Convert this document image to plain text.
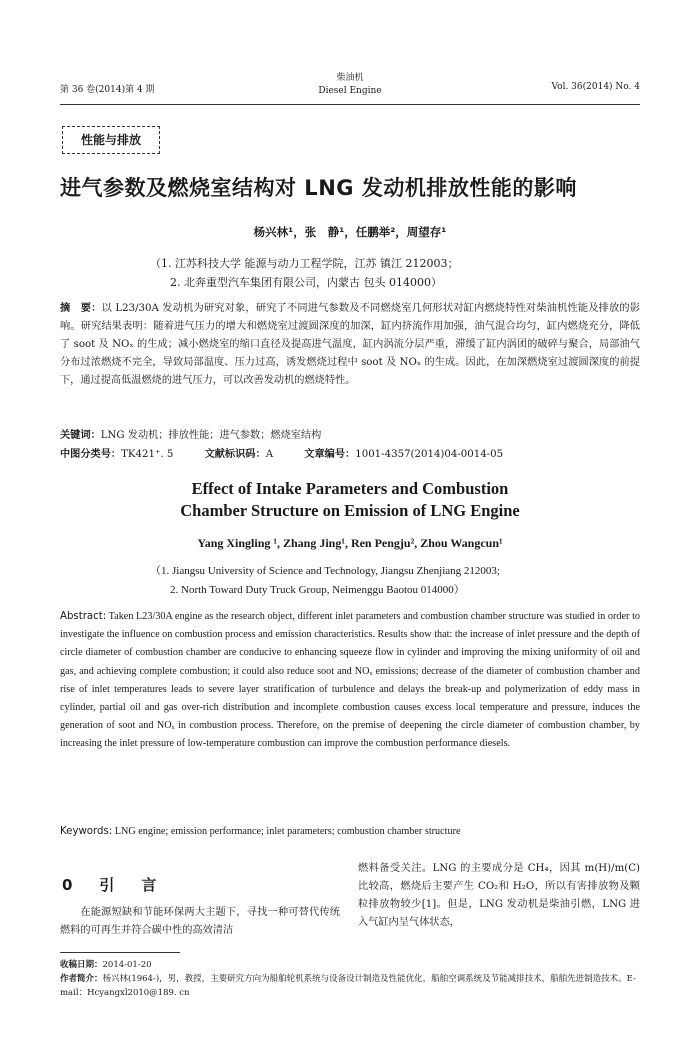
第 36 卷(2014)第 4 期
柴油机
Diesel Engine	Vol. 36(2014) No. 4
性能与排放
进气参数及燃烧室结构对 LNG 发动机排放性能的影响
杨兴林¹，张　静¹，任鹏举²，周望存¹
（1. 江苏科技大学 能源与动力工程学院，江苏 镇江 212003；
2. 北奔重型汽车集团有限公司，内蒙古 包头 014000）
摘　要：以 L23/30A 发动机为研究对象，研究了不同进气参数及不同燃烧室几何形状对缸内燃烧特性对柴油机性能及排放的影响。研究结果表明：随着进气压力的增大和燃烧室过渡圆深度的加深，缸内挤流作用加强，油气混合均匀，缸内燃烧充分，降低了 soot 及 NOₓ 的生成；减小燃烧室的缩口直径及提高进气温度，缸内涡流分层严重，滞缓了缸内涡团的破碎与聚合，局部油气分布过浓燃烧不完全，导致局部温度、压力过高，诱发燃烧过程中 soot 及 NOₓ 的生成。因此，在加深燃烧室过渡圆深度的前提下，通过提高低温燃烧的进气压力，可以改善发动机的燃烧特性。
关键词：LNG 发动机；排放性能；进气参数；燃烧室结构
中图分类号：TK421⁺. 5	文献标识码：A	文章编号：1001-4357(2014)04-0014-05
Effect of Intake Parameters and Combustion
Chamber Structure on Emission of LNG Engine
Yang Xingling ¹, Zhang Jing¹, Ren Pengju², Zhou Wangcun¹
（1. Jiangsu University of Science and Technology, Jiangsu Zhenjiang 212003;
2. North Toward Duty Truck Group, Neimenggu Baotou 014000）
Abstract: Taken L23/30A engine as the research object, different inlet parameters and combustion chamber structure was studied in order to investigate the influence on combustion process and emission characteristics. Results show that: the increase of inlet pressure and the depth of circle diameter of combustion chamber are conducive to enhancing squeeze flow in cylinder and improving the mixing uniformity of oil and gas, and achieving complete combustion; it could also reduce soot and NOₓ emissions; decrease of the diameter of combustion chamber and rise of inlet temperatures leads to severe layer stratification of turbulence and delays the break-up and polymerization of eddy mass in cylinder, partial oil and gas over-rich distribution and incomplete combustion causes excess local temperature and pressure, induces the generation of soot and NOₓ in combustion process. Therefore, on the premise of deepening the circle diameter of combustion chamber, by increasing the inlet pressure of low-temperature combustion can improve the combustion performance diesels.
Keywords: LNG engine; emission performance; inlet parameters; combustion chamber structure
0　引　言
在能源短缺和节能环保两大主题下，寻找一种可替代传统燃料的可再生并符合碳中性的高效清洁
燃料备受关注。LNG 的主要成分是 CH₄，因其 m(H)/m(C)比较高，燃烧后主要产生 CO₂和 H₂O，所以有害排放物及颗粒排放物较少[1]。但是，LNG 发动机是柴油引燃，LNG 进入气缸内呈气体状态，
收稿日期：2014-01-20
作者简介：杨兴林(1964-)，男，教授，主要研究方向为船舶轮机系统与设备设计制造及性能优化，船舶空调系统及节能减排技术，船舶先进制造技术。E-mail：Hcyangxl2010@189. cn
